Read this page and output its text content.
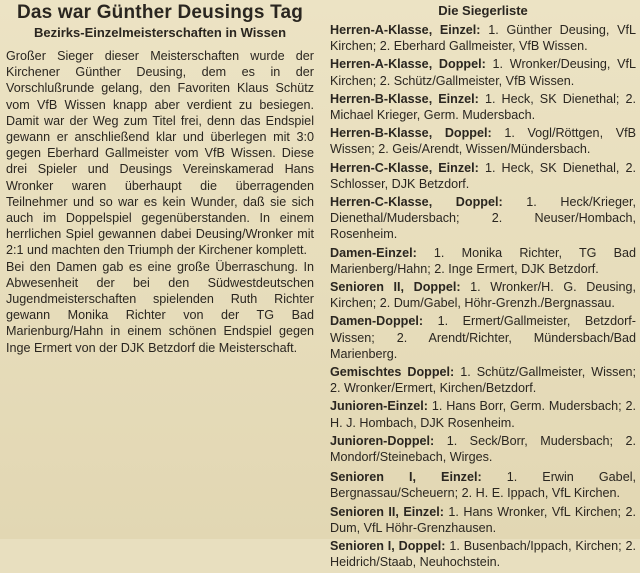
Das war Günther Deusings Tag
Bezirks-Einzelmeisterschaften in Wissen

Großer Sieger dieser Meisterschaften wurde der Kirchener Günther Deusing, dem es in der Vorschlußrunde gelang, den Favoriten Klaus Schütz vom VfB Wissen knapp aber verdient zu besiegen. Damit war der Weg zum Titel frei, denn das Endspiel gewann er anschließend klar und überlegen mit 3:0 gegen Eberhard Gallmeister vom VfB Wissen. Diese drei Spieler und Deusings Vereinskamerad Hans Wronker waren überhaupt die überragenden Teilnehmer und so war es kein Wunder, daß sie sich auch im Doppelspiel gegenüberstanden. In einem herrlichen Spiel gewannen dabei Deusing/Wronker mit 2:1 und machten den Triumph der Kirchener komplett.

Bei den Damen gab es eine große Überraschung. In Abwesenheit der bei den Südwestdeutschen Jugendmeisterschaften spielenden Ruth Richter gewann Monika Richter von der TG Bad Marienburg/Hahn in einem schönen Endspiel gegen Inge Ermert von der DJK Betzdorf die Meisterschaft.

Die Siegerliste

Herren-A-Klasse, Einzel: 1. Günther Deusing, VfL Kirchen; 2. Eberhard Gallmeister, VfB Wissen.

Herren-A-Klasse, Doppel: 1. Wronker/Deusing, VfL Kirchen; 2. Schütz/Gallmeister, VfB Wissen.

Herren-B-Klasse, Einzel: 1. Heck, SK Dienethal; 2. Michael Krieger, Germ. Mudersbach.

Herren-B-Klasse, Doppel: 1. Vogl/Röttgen, VfB Wissen; 2. Geis/Arendt, Wissen/Mündersbach.

Herren-C-Klasse, Einzel: 1. Heck, SK Dienethal, 2. Schlosser, DJK Betzdorf.

Herren-C-Klasse, Doppel: 1. Heck/Krieger, Dienethal/Mudersbach; 2. Neuser/Hombach, Rosenheim.

Damen-Einzel: 1. Monika Richter, TG Bad Marienberg/Hahn; 2. Inge Ermert, DJK Betzdorf.

Senioren II, Doppel: 1. Wronker/H. G. Deusing, Kirchen; 2. Dum/Gabel, Höhr-Grenzh./Bergnassau.

Damen-Doppel: 1. Ermert/Gallmeister, Betzdorf-Wissen; 2. Arendt/Richter, Mündersbach/Bad Marienberg.

Gemischtes Doppel: 1. Schütz/Gallmeister, Wissen; 2. Wronker/Ermert, Kirchen/Betzdorf.

Junioren-Einzel: 1. Hans Borr, Germ. Mudersbach; 2. H. J. Hombach, DJK Rosenheim.

Junioren-Doppel: 1. Seck/Borr, Mudersbach; 2. Mondorf/Steinebach, Wirges.

Senioren I, Einzel: 1. Erwin Gabel, Bergnassau/Scheuern; 2. H. E. Ippach, VfL Kirchen.

Senioren II, Einzel: 1. Hans Wronker, VfL Kirchen; 2. Dum, VfL Höhr-Grenzhausen.

Senioren I, Doppel: 1. Busenbach/Ippach, Kirchen; 2. Heidrich/Staab, Neuhochstein.
